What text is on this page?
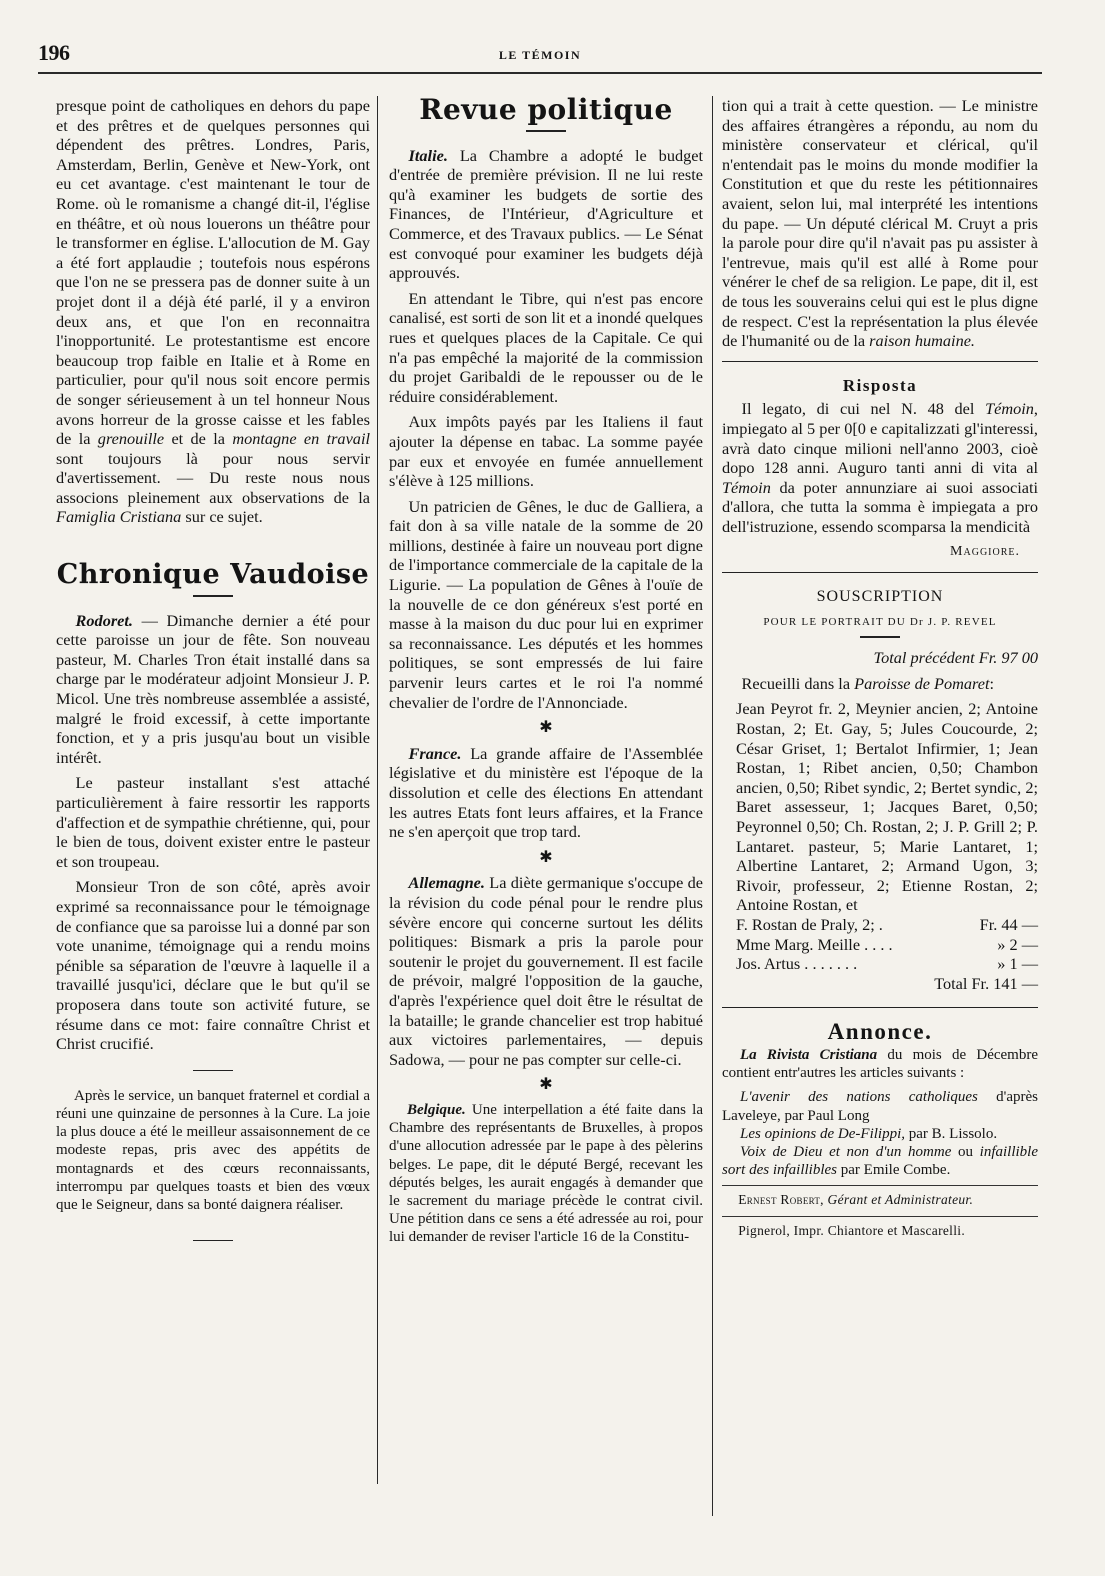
196	LE TÉMOIN

presque point de catholiques en dehors du pape et des prêtres et de quelques personnes qui dépendent des prêtres. Londres, Paris, Amsterdam, Berlin, Genève et New-York, ont eu cet avantage. c'est maintenant le tour de Rome. où le romanisme a changé dit-il, l'église en théâtre, et où nous louerons un théâtre pour le transformer en église. L'allocution de M. Gay a été fort applaudie ; toutefois nous espérons que l'on ne se pressera pas de donner suite à un projet dont il a déjà été parlé, il y a environ deux ans, et que l'on en reconnaitra l'inopportunité. Le protestantisme est encore beaucoup trop faible en Italie et à Rome en particulier, pour qu'il nous soit encore permis de songer sérieusement à un tel honneur Nous avons horreur de la grosse caisse et les fables de la grenouille et de la montagne en travail sont toujours là pour nous servir d'avertissement. — Du reste nous nous associons pleinement aux observations de la Famiglia Cristiana sur ce sujet.

Chronique Vaudoise

Rodoret. — Dimanche dernier a été pour cette paroisse un jour de fête. Son nouveau pasteur, M. Charles Tron était installé dans sa charge par le modérateur adjoint Monsieur J. P. Micol. Une très nombreuse assemblée a assisté, malgré le froid excessif, à cette importante fonction, et y a pris jusqu'au bout un visible intérêt.

Le pasteur installant s'est attaché particulièrement à faire ressortir les rapports d'affection et de sympathie chrétienne, qui, pour le bien de tous, doivent exister entre le pasteur et son troupeau.

Monsieur Tron de son côté, après avoir exprimé sa reconnaissance pour le témoignage de confiance que sa paroisse lui a donné par son vote unanime, témoignage qui a rendu moins pénible sa séparation de l'œuvre à laquelle il a travaillé jusqu'ici, déclare que le but qu'il se proposera dans toute son activité future, se résume dans ce mot: faire connaître Christ et Christ crucifié.

Après le service, un banquet fraternel et cordial a réuni une quinzaine de personnes à la Cure. La joie la plus douce a été le meilleur assaisonnement de ce modeste repas, pris avec des appétits de montagnards et des cœurs reconnaissants, interrompu par quelques toasts et bien des vœux que le Seigneur, dans sa bonté daignera réaliser.

Revue politique

Italie. La Chambre a adopté le budget d'entrée de première prévision. Il ne lui reste qu'à examiner les budgets de sortie des Finances, de l'Intérieur, d'Agriculture et Commerce, et des Travaux publics. — Le Sénat est convoqué pour examiner les budgets déjà approuvés.

En attendant le Tibre, qui n'est pas encore canalisé, est sorti de son lit et a inondé quelques rues et quelques places de la Capitale. Ce qui n'a pas empêché la majorité de la commission du projet Garibaldi de le repousser ou de le réduire considérablement.

Aux impôts payés par les Italiens il faut ajouter la dépense en tabac. La somme payée par eux et envoyée en fumée annuellement s'élève à 125 millions.

Un patricien de Gênes, le duc de Galliera, a fait don à sa ville natale de la somme de 20 millions, destinée à faire un nouveau port digne de l'importance commerciale de la capitale de la Ligurie. — La population de Gênes à l'ouïe de la nouvelle de ce don généreux s'est porté en masse à la maison du duc pour lui en exprimer sa reconnaissance. Les députés et les hommes politiques, se sont empressés de lui faire parvenir leurs cartes et le roi l'a nommé chevalier de l'ordre de l'Annonciade.

✱

France. La grande affaire de l'Assemblée législative et du ministère est l'époque de la dissolution et celle des élections En attendant les autres Etats font leurs affaires, et la France ne s'en aperçoit que trop tard.

✱

Allemagne. La diète germanique s'occupe de la révision du code pénal pour le rendre plus sévère encore qui concerne surtout les délits politiques: Bismark a pris la parole pour soutenir le projet du gouvernement. Il est facile de prévoir, malgré l'opposition de la gauche, d'après l'expérience quel doit être le résultat de la bataille; le grande chancelier est trop habitué aux victoires parlementaires, — depuis Sadowa, — pour ne pas compter sur celle-ci.

✱

Belgique. Une interpellation a été faite dans la Chambre des représentants de Bruxelles, à propos d'une allocution adressée par le pape à des pèlerins belges. Le pape, dit le député Bergé, recevant les députés belges, les aurait engagés à demander que le sacrement du mariage précède le contrat civil. Une pétition dans ce sens a été adressée au roi, pour lui demander de reviser l'article 16 de la Constitu-

tion qui a trait à cette question. — Le ministre des affaires étrangères a répondu, au nom du ministère conservateur et clérical, qu'il n'entendait pas le moins du monde modifier la Constitution et que du reste les pétitionnaires avaient, selon lui, mal interprété les intentions du pape. — Un député clérical M. Cruyt a pris la parole pour dire qu'il n'avait pas pu assister à l'entrevue, mais qu'il est allé à Rome pour vénérer le chef de sa religion. Le pape, dit il, est de tous les souverains celui qui est le plus digne de respect. C'est la représentation la plus élevée de l'humanité ou de la raison humaine.

Risposta

Il legato, di cui nel N. 48 del Témoin, impiegato al 5 per 0[0 e capitalizzati gl'interessi, avrà dato cinque milioni nell'anno 2003, cioè dopo 128 anni. Auguro tanti anni di vita al Témoin da poter annunziare ai suoi associati d'allora, che tutta la somma è impiegata a pro dell'istruzione, essendo scomparsa la mendicità

Maggiore.
SOUSCRIPTION
POUR LE PORTRAIT DU Dr J. P. REVEL

Total précédent Fr. 97 00

Recueilli dans la Paroisse de Pomaret:

Jean Peyrot fr. 2, Meynier ancien, 2; Antoine Rostan, 2; Et. Gay, 5; Jules Coucourde, 2; César Griset, 1; Bertalot Infirmier, 1; Jean Rostan, 1; Ribet ancien, 0,50; Chambon ancien, 0,50; Ribet syndic, 2; Bertet syndic, 2; Baret assesseur, 1; Jacques Baret, 0,50; Peyronnel 0,50; Ch. Rostan, 2; J. P. Grill 2; P. Lantaret. pasteur, 5; Marie Lantaret, 1; Albertine Lantaret, 2; Armand Ugon, 3; Rivoir, professeur, 2; Etienne Rostan, 2; Antoine Rostan, et

F. Rostan de Praly, 2; .	Fr. 44 —
Mme Marg. Meille . . . .	» 2 —
Jos. Artus . . . . . . .	» 1 —

Total Fr. 141 —

Annonce.

La Rivista Cristiana du mois de Décembre contient entr'autres les articles suivants :

L'avenir des nations catholiques d'après Laveleye, par Paul Long

Les opinions de De-Filippi, par B. Lissolo.

Voix de Dieu et non d'un homme ou infaillible sort des infaillibles par Emile Combe.

Ernest Robert, Gérant et Administrateur.

Pignerol, Impr. Chiantore et Mascarelli.
